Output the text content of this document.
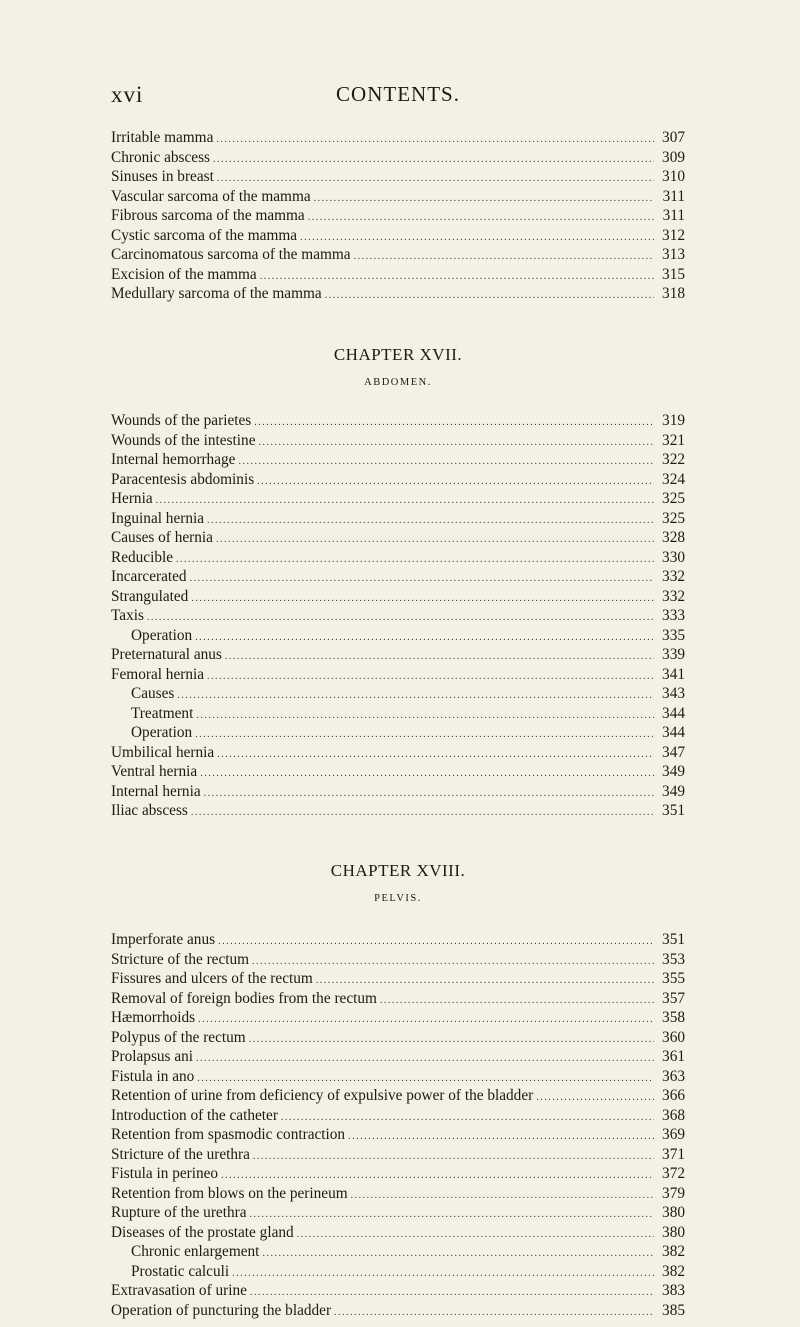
xvi	CONTENTS.
Irritable mamma .....	307
Chronic abscess .....	309
Sinuses in breast .....	310
Vascular sarcoma of the mamma .....	311
Fibrous sarcoma of the mamma .....	311
Cystic sarcoma of the mamma .....	312
Carcinomatous sarcoma of the mamma .....	313
Excision of the mamma .....	315
Medullary sarcoma of the mamma .....	318
CHAPTER XVII.
ABDOMEN.
Wounds of the parietes .....	319
Wounds of the intestine .....	321
Internal hemorrhage .....	322
Paracentesis abdominis .....	324
Hernia .....	325
Inguinal hernia .....	325
Causes of hernia .....	328
Reducible .....	330
Incarcerated .....	332
Strangulated .....	332
Taxis .....	333
Operation .....	335
Preternatural anus .....	339
Femoral hernia .....	341
Causes .....	343
Treatment .....	344
Operation .....	344
Umbilical hernia .....	347
Ventral hernia .....	349
Internal hernia .....	349
Iliac abscess .....	351
CHAPTER XVIII.
PELVIS.
Imperforate anus .....	351
Stricture of the rectum .....	353
Fissures and ulcers of the rectum .....	355
Removal of foreign bodies from the rectum .....	357
Hæmorrhoids .....	358
Polypus of the rectum .....	360
Prolapsus ani .....	361
Fistula in ano .....	363
Retention of urine from deficiency of expulsive power of the bladder .....	366
Introduction of the catheter .....	368
Retention from spasmodic contraction .....	369
Stricture of the urethra .....	371
Fistula in perineo .....	372
Retention from blows on the perineum .....	379
Rupture of the urethra .....	380
Diseases of the prostate gland .....	380
Chronic enlargement .....	382
Prostatic calculi .....	382
Extravasation of urine .....	383
Operation of puncturing the bladder .....	385
